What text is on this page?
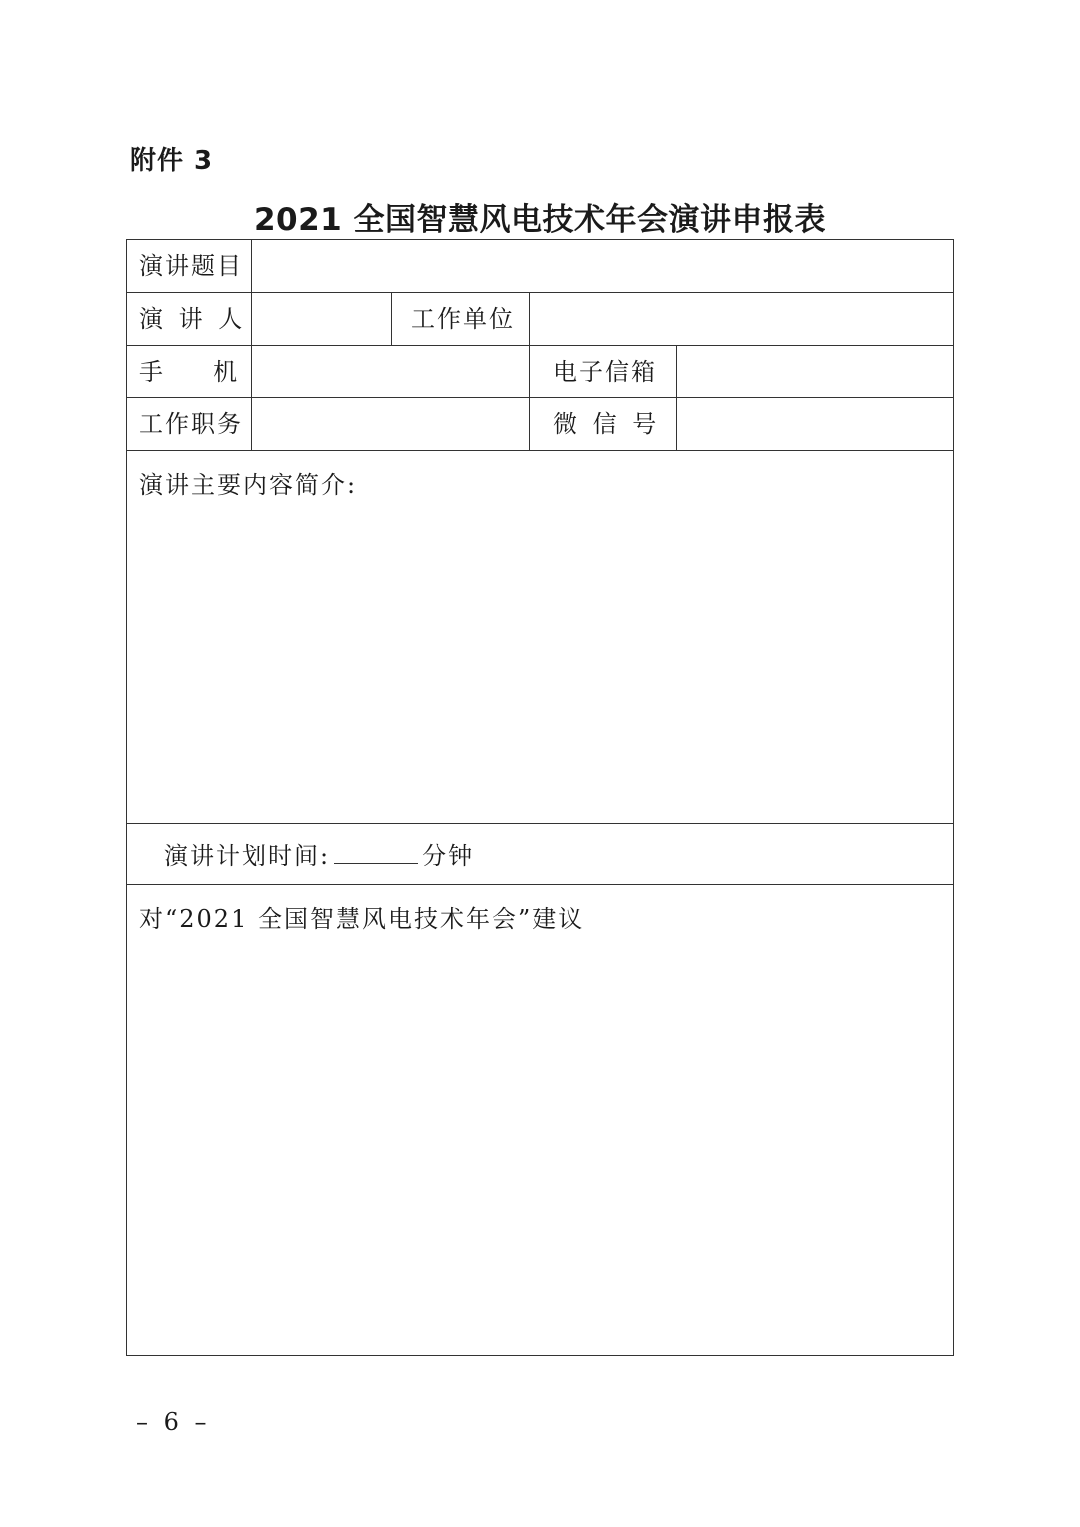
附件 3
2021 全国智慧风电技术年会演讲申报表
演讲题目
演 讲 人	工作单位
手     机	电子信箱
工作职务	微 信 号
演讲主要内容简介:
演讲计划时间:	分钟
对“2021 全国智慧风电技术年会”建议
– 6 –
